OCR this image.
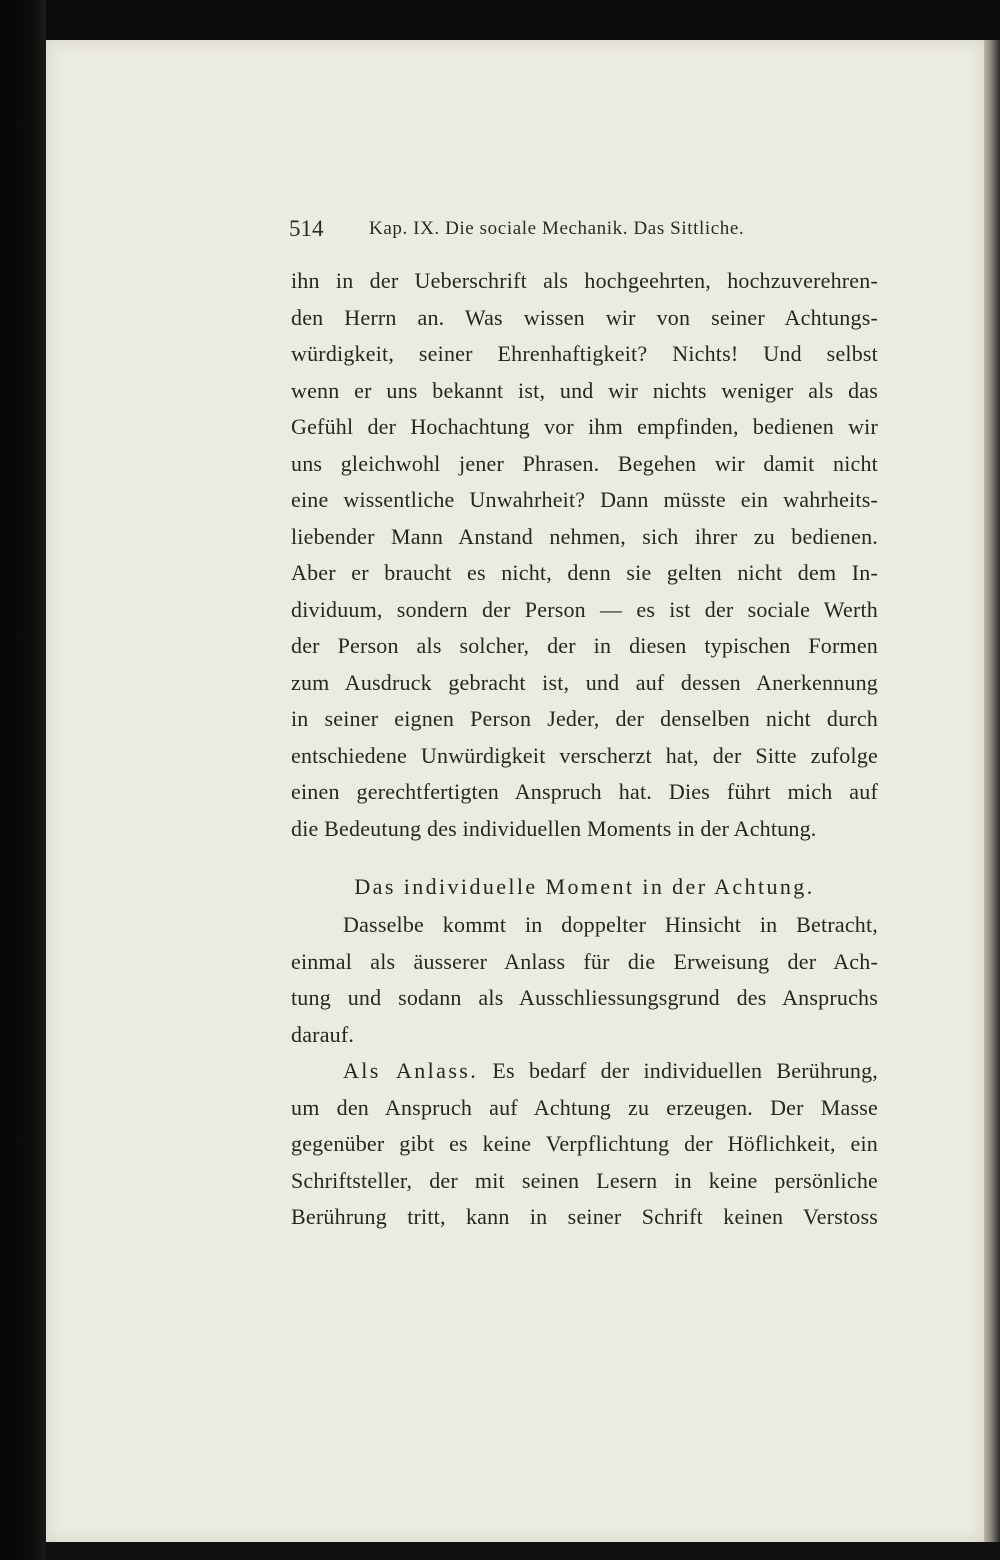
514 Kap. IX. Die sociale Mechanik. Das Sittliche.
ihn in der Ueberschrift als hochgeehrten, hochzuverehren-
den Herrn an. Was wissen wir von seiner Achtungs-
würdigkeit, seiner Ehrenhaftigkeit? Nichts! Und selbst
wenn er uns bekannt ist, und wir nichts weniger als das
Gefühl der Hochachtung vor ihm empfinden, bedienen wir
uns gleichwohl jener Phrasen. Begehen wir damit nicht
eine wissentliche Unwahrheit? Dann müsste ein wahrheits-
liebender Mann Anstand nehmen, sich ihrer zu bedienen.
Aber er braucht es nicht, denn sie gelten nicht dem In-
dividuum, sondern der Person — es ist der sociale Werth
der Person als solcher, der in diesen typischen Formen
zum Ausdruck gebracht ist, und auf dessen Anerkennung
in seiner eignen Person Jeder, der denselben nicht durch
entschiedene Unwürdigkeit verscherzt hat, der Sitte zufolge
einen gerechtfertigten Anspruch hat. Dies führt mich auf
die Bedeutung des individuellen Moments in der Achtung.
Das individuelle Moment in der Achtung.
Dasselbe kommt in doppelter Hinsicht in Betracht,
einmal als äusserer Anlass für die Erweisung der Ach-
tung und sodann als Ausschliessungsgrund des Anspruchs
darauf.
Als Anlass. Es bedarf der individuellen Berührung,
um den Anspruch auf Achtung zu erzeugen. Der Masse
gegenüber gibt es keine Verpflichtung der Höflichkeit, ein
Schriftsteller, der mit seinen Lesern in keine persönliche
Berührung tritt, kann in seiner Schrift keinen Verstoss
